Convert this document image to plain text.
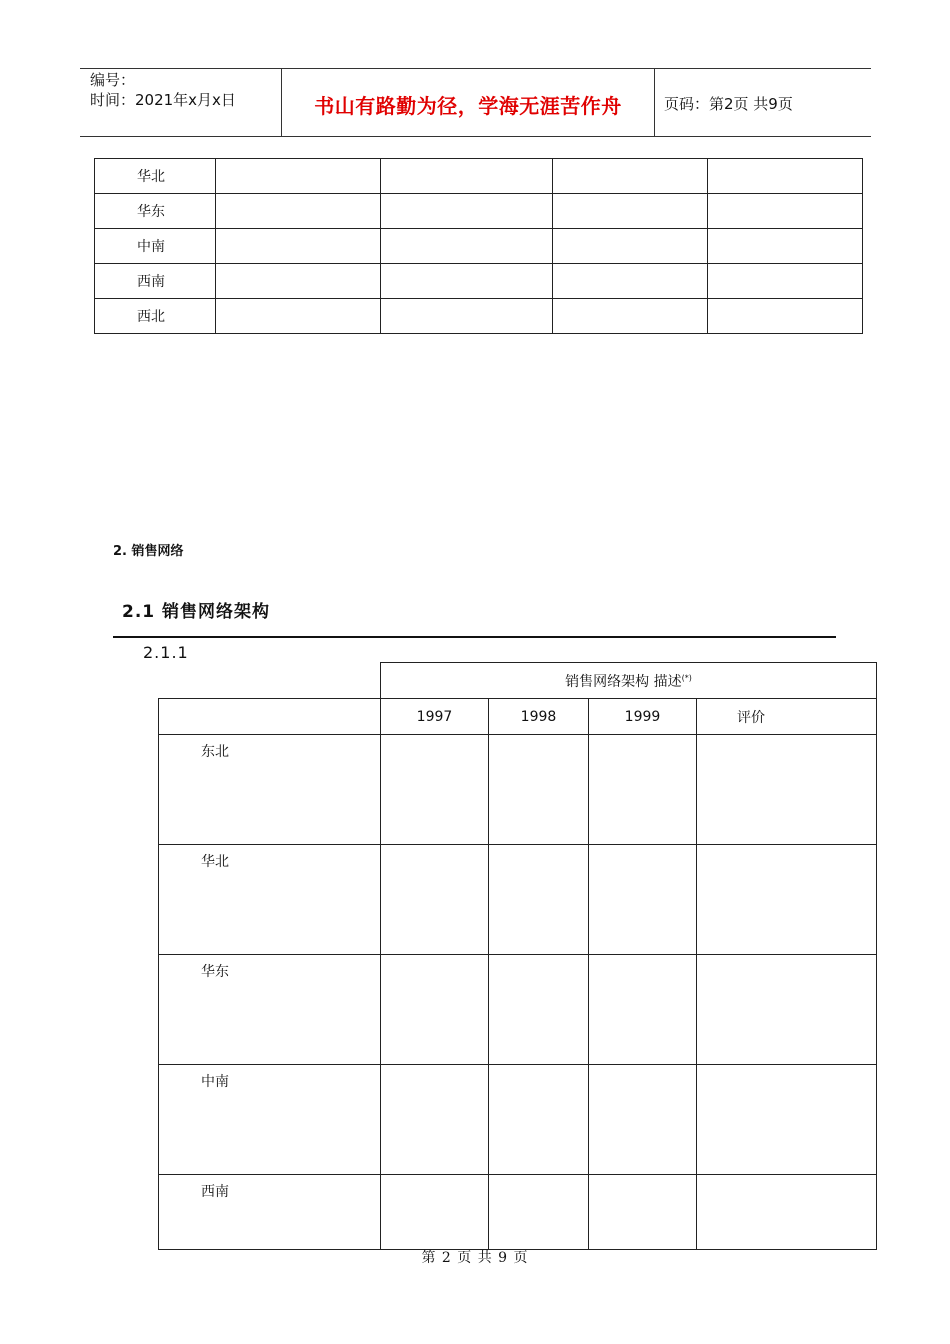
编号：
时间：2021年x月x日	书山有路勤为径，学海无涯苦作舟	页码：第2页 共9页
华北				
华东				
中南				
西南				
西北				
2. 销售网络
2.1 销售网络架构
2.1.1
	销售网络架构 描述(*)
	1997	1998	1999	评价
东北				
华北				
华东				
中南				
西南				
第 2 页 共 9 页
